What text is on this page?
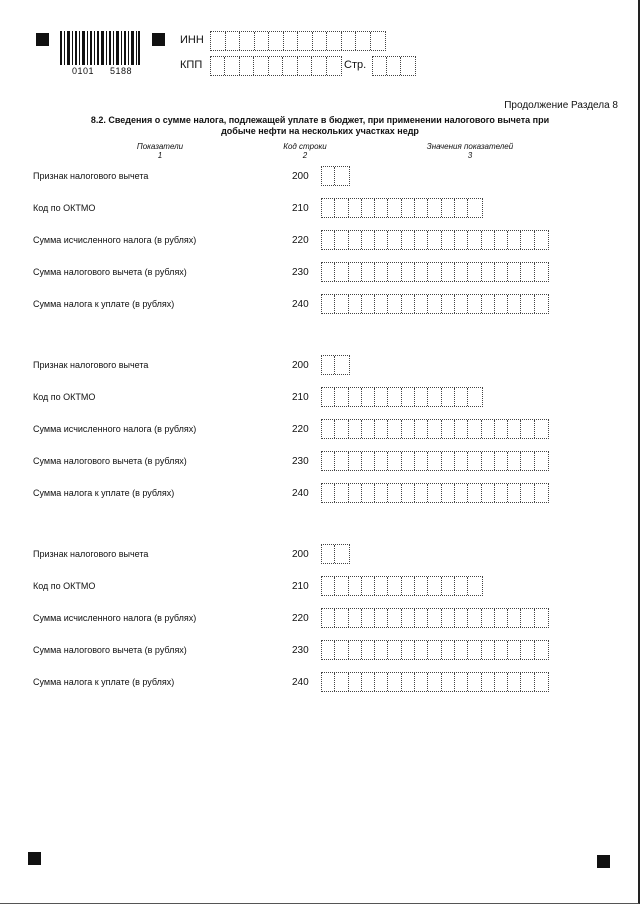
0101 5188
ИНН
КПП	Стр.
Продолжение Раздела 8
8.2. Сведения о сумме налога, подлежащей уплате в бюджет, при применении налогового вычета при
добыче нефти на нескольких участках недр
Показатели
1
Код строки
2
Значения показателей
3
Признак налогового вычета	200
Код по ОКТМО	210
Сумма исчисленного налога (в рублях)	220
Сумма налогового вычета (в рублях)	230
Сумма налога к уплате (в рублях)	240
Признак налогового вычета	200
Код по ОКТМО	210
Сумма исчисленного налога (в рублях)	220
Сумма налогового вычета (в рублях)	230
Сумма налога к уплате (в рублях)	240
Признак налогового вычета	200
Код по ОКТМО	210
Сумма исчисленного налога (в рублях)	220
Сумма налогового вычета (в рублях)	230
Сумма налога к уплате (в рублях)	240
